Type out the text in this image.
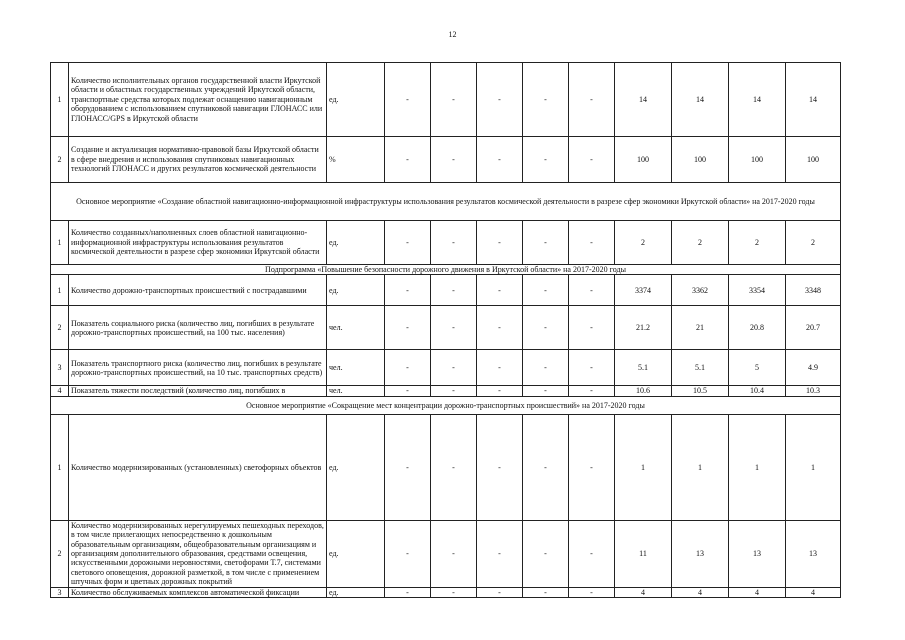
12
1	Количество исполнительных органов государственной власти Иркутской области и областных государственных учреждений Иркутской области, транспортные средства которых подлежат оснащению навигационным оборудованием с использованием спутниковой навигации ГЛОНАСС или ГЛОНАСС/GPS в Иркутской области	ед.	-	-	-	-	-	14	14	14	14
2	Создание и актуализация нормативно-правовой базы Иркутской области в сфере внедрения и использования спутниковых навигационных технологий ГЛОНАСС и других результатов космической деятельности	%	-	-	-	-	-	100	100	100	100
Основное мероприятие «Создание областной навигационно-информационной инфраструктуры использования результатов космической деятельности в разрезе сфер экономики Иркутской области» на 2017-2020 годы											
1	Количество созданных/наполненных слоев областной навигационно-информационной инфраструктуры использования результатов космической деятельности в разрезе сфер экономики Иркутской области	ед.	-	-	-	-	-	2	2	2	2
Подпрограмма «Повышение безопасности дорожного движения в Иркутской области» на 2017-2020 годы											
1	Количество дорожно-транспортных происшествий с пострадавшими	ед.	-	-	-	-	-	3374	3362	3354	3348
2	Показатель социального риска (количество лиц, погибших в результате дорожно-транспортных происшествий, на 100 тыс. населения)	чел.	-	-	-	-	-	21.2	21	20.8	20.7
3	Показатель транспортного риска (количество лиц, погибших в результате дорожно-транспортных происшествий, на 10 тыс. транспортных средств)	чел.	-	-	-	-	-	5.1	5.1	5	4.9
4	Показатель тяжести последствий (количество лиц, погибших в	чел.	-	-	-	-	-	10.6	10.5	10.4	10.3
Основное мероприятие «Сокращение мест концентрации дорожно-транспортных происшествий» на 2017-2020 годы											
1	Количество модернизированных (установленных) светофорных объектов	ед.	-	-	-	-	-	1	1	1	1
2	Количество модернизированных нерегулируемых пешеходных переходов, в том числе прилегающих непосредственно к дошкольным образовательным организациям, общеобразовательным организациям и организациям дополнительного образования, средствами освещения, искусственными дорожными неровностями, светофорами Т.7, системами светового оповещения, дорожной разметкой, в том числе с применением штучных форм и цветных дорожных покрытий	ед.	-	-	-	-	-	11	13	13	13
3	Количество обслуживаемых комплексов автоматической фиксации	ед.	-	-	-	-	-	4	4	4	4
